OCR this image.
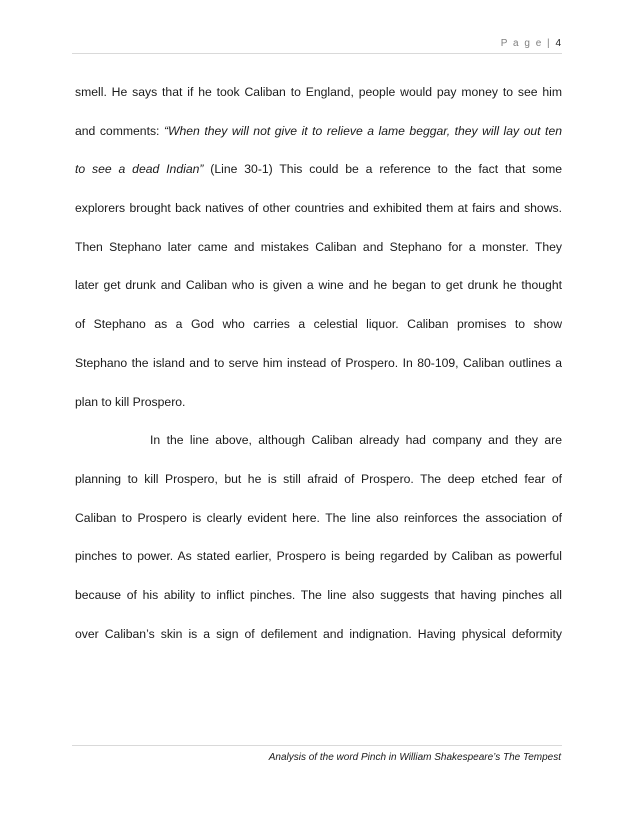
P a g e | 4
smell. He says that if he took Caliban to England, people would pay money to see him
and comments: “When they will not give it to relieve a lame beggar, they will lay out ten
to see a dead Indian” (Line 30-1) This could be a reference to the fact that some
explorers brought back natives of other countries and exhibited them at fairs and shows.
Then Stephano later came and mistakes Caliban and Stephano for a monster. They
later get drunk and Caliban who is given a wine and he began to get drunk he thought
of Stephano as a God who carries a celestial liquor. Caliban promises to show
Stephano the island and to serve him instead of Prospero. In 80-109, Caliban outlines a
plan to kill Prospero.
In the line above, although Caliban already had company and they are
planning to kill Prospero, but he is still afraid of Prospero. The deep etched fear of
Caliban to Prospero is clearly evident here. The line also reinforces the association of
pinches to power. As stated earlier, Prospero is being regarded by Caliban as powerful
because of his ability to inflict pinches. The line also suggests that having pinches all
over Caliban’s skin is a sign of defilement and indignation. Having physical deformity
Analysis of the word Pinch in William Shakespeare’s The Tempest
